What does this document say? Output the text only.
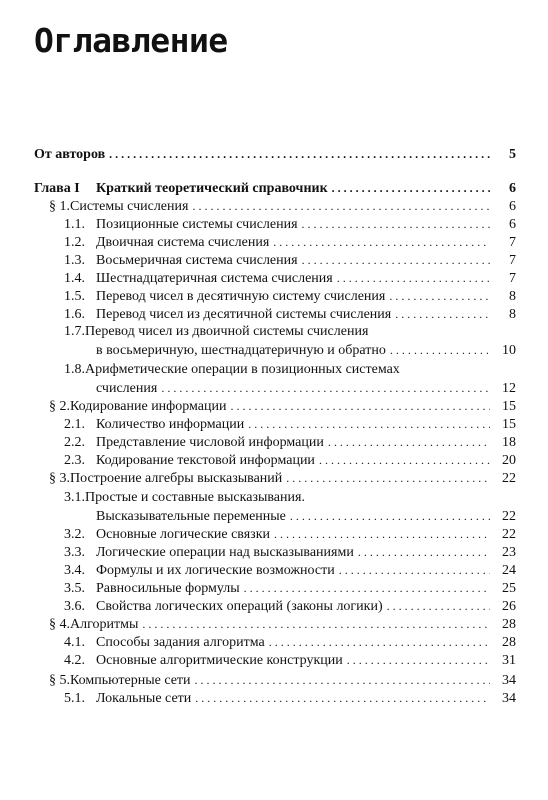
Оглавление
От авторов . . .	5
Глава I Краткий теоретический справочник . . .	6
§ 1.Системы счисления . . .	6
1.1. Позиционные системы счисления . . .	6
1.2. Двоичная система счисления . . .	7
1.3. Восьмеричная система счисления . . .	7
1.4. Шестнадцатеричная система счисления . . .	7
1.5. Перевод чисел в десятичную систему счисления . . .	8
1.6. Перевод чисел из десятичной системы счисления . . .	8
1.7.Перевод чисел из двоичной системы счисления
в восьмеричную, шестнадцатеричную и обратно . . .	10
1.8.Арифметические операции в позиционных системах
счисления . . .	12
§ 2.Кодирование информации . . .	15
2.1. Количество информации . . .	15
2.2. Представление числовой информации . . .	18
2.3. Кодирование текстовой информации . . .	20
§ 3.Построение алгебры высказываний . . .	22
3.1.Простые и составные высказывания.
Высказывательные переменные . . .	22
3.2. Основные логические связки . . .	22
3.3. Логические операции над высказываниями . . .	23
3.4. Формулы и их логические возможности . . .	24
3.5. Равносильные формулы . . .	25
3.6. Свойства логических операций (законы логики) . . .	26
§ 4.Алгоритмы . . .	28
4.1. Способы задания алгоритма . . .	28
4.2. Основные алгоритмические конструкции . . .	31
§ 5.Компьютерные сети . . .	34
5.1. Локальные сети . . .	34
